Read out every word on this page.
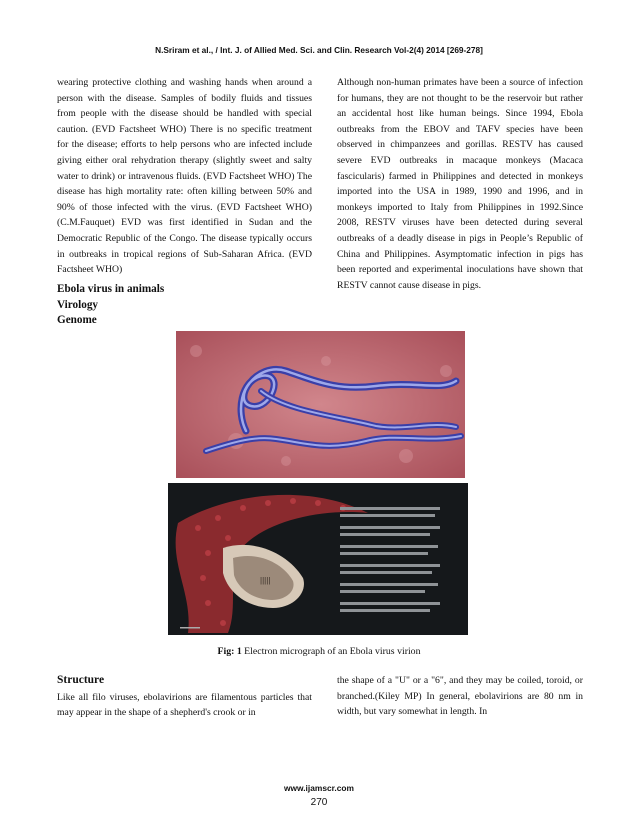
N.Sriram et al., / Int. J. of Allied Med. Sci. and Clin. Research Vol-2(4) 2014 [269-278]

wearing protective clothing and washing hands when around a person with the disease. Samples of bodily fluids and tissues from people with the disease should be handled with special caution. (EVD Factsheet WHO) There is no specific treatment for the disease; efforts to help persons who are infected include giving either oral rehydration therapy (slightly sweet and salty water to drink) or intravenous fluids. (EVD Factsheet WHO) The disease has high mortality rate: often killing between 50% and 90% of those infected with the virus. (EVD Factsheet WHO)(C.M.Fauquet) EVD was first identified in Sudan and the Democratic Republic of the Congo. The disease typically occurs in outbreaks in tropical regions of Sub-Saharan Africa. (EVD Factsheet WHO)

Although non-human primates have been a source of infection for humans, they are not thought to be the reservoir but rather an accidental host like human beings. Since 1994, Ebola outbreaks from the EBOV and TAFV species have been observed in chimpanzees and gorillas. RESTV has caused severe EVD outbreaks in macaque monkeys (Macaca fascicularis) farmed in Philippines and detected in monkeys imported into the USA in 1989, 1990 and 1996, and in monkeys imported to Italy from Philippines in 1992.Since 2008, RESTV viruses have been detected during several outbreaks of a deadly disease in pigs in People’s Republic of China and Philippines. Asymptomatic infection in pigs has been reported and experimental inoculations have shown that RESTV cannot cause disease in pigs.

Ebola virus in animals
Virology
Genome
|||||
Fig: 1 Electron micrograph of an Ebola virus virion
Structure
Like all filo viruses, ebolavirions are filamentous particles that may appear in the shape of a shepherd's crook or in
the shape of a "U" or a "6", and they may be coiled, toroid, or branched.(Kiley MP) In general, ebolavirions are 80 nm in width, but vary somewhat in length. In
www.ijamscr.com
270
